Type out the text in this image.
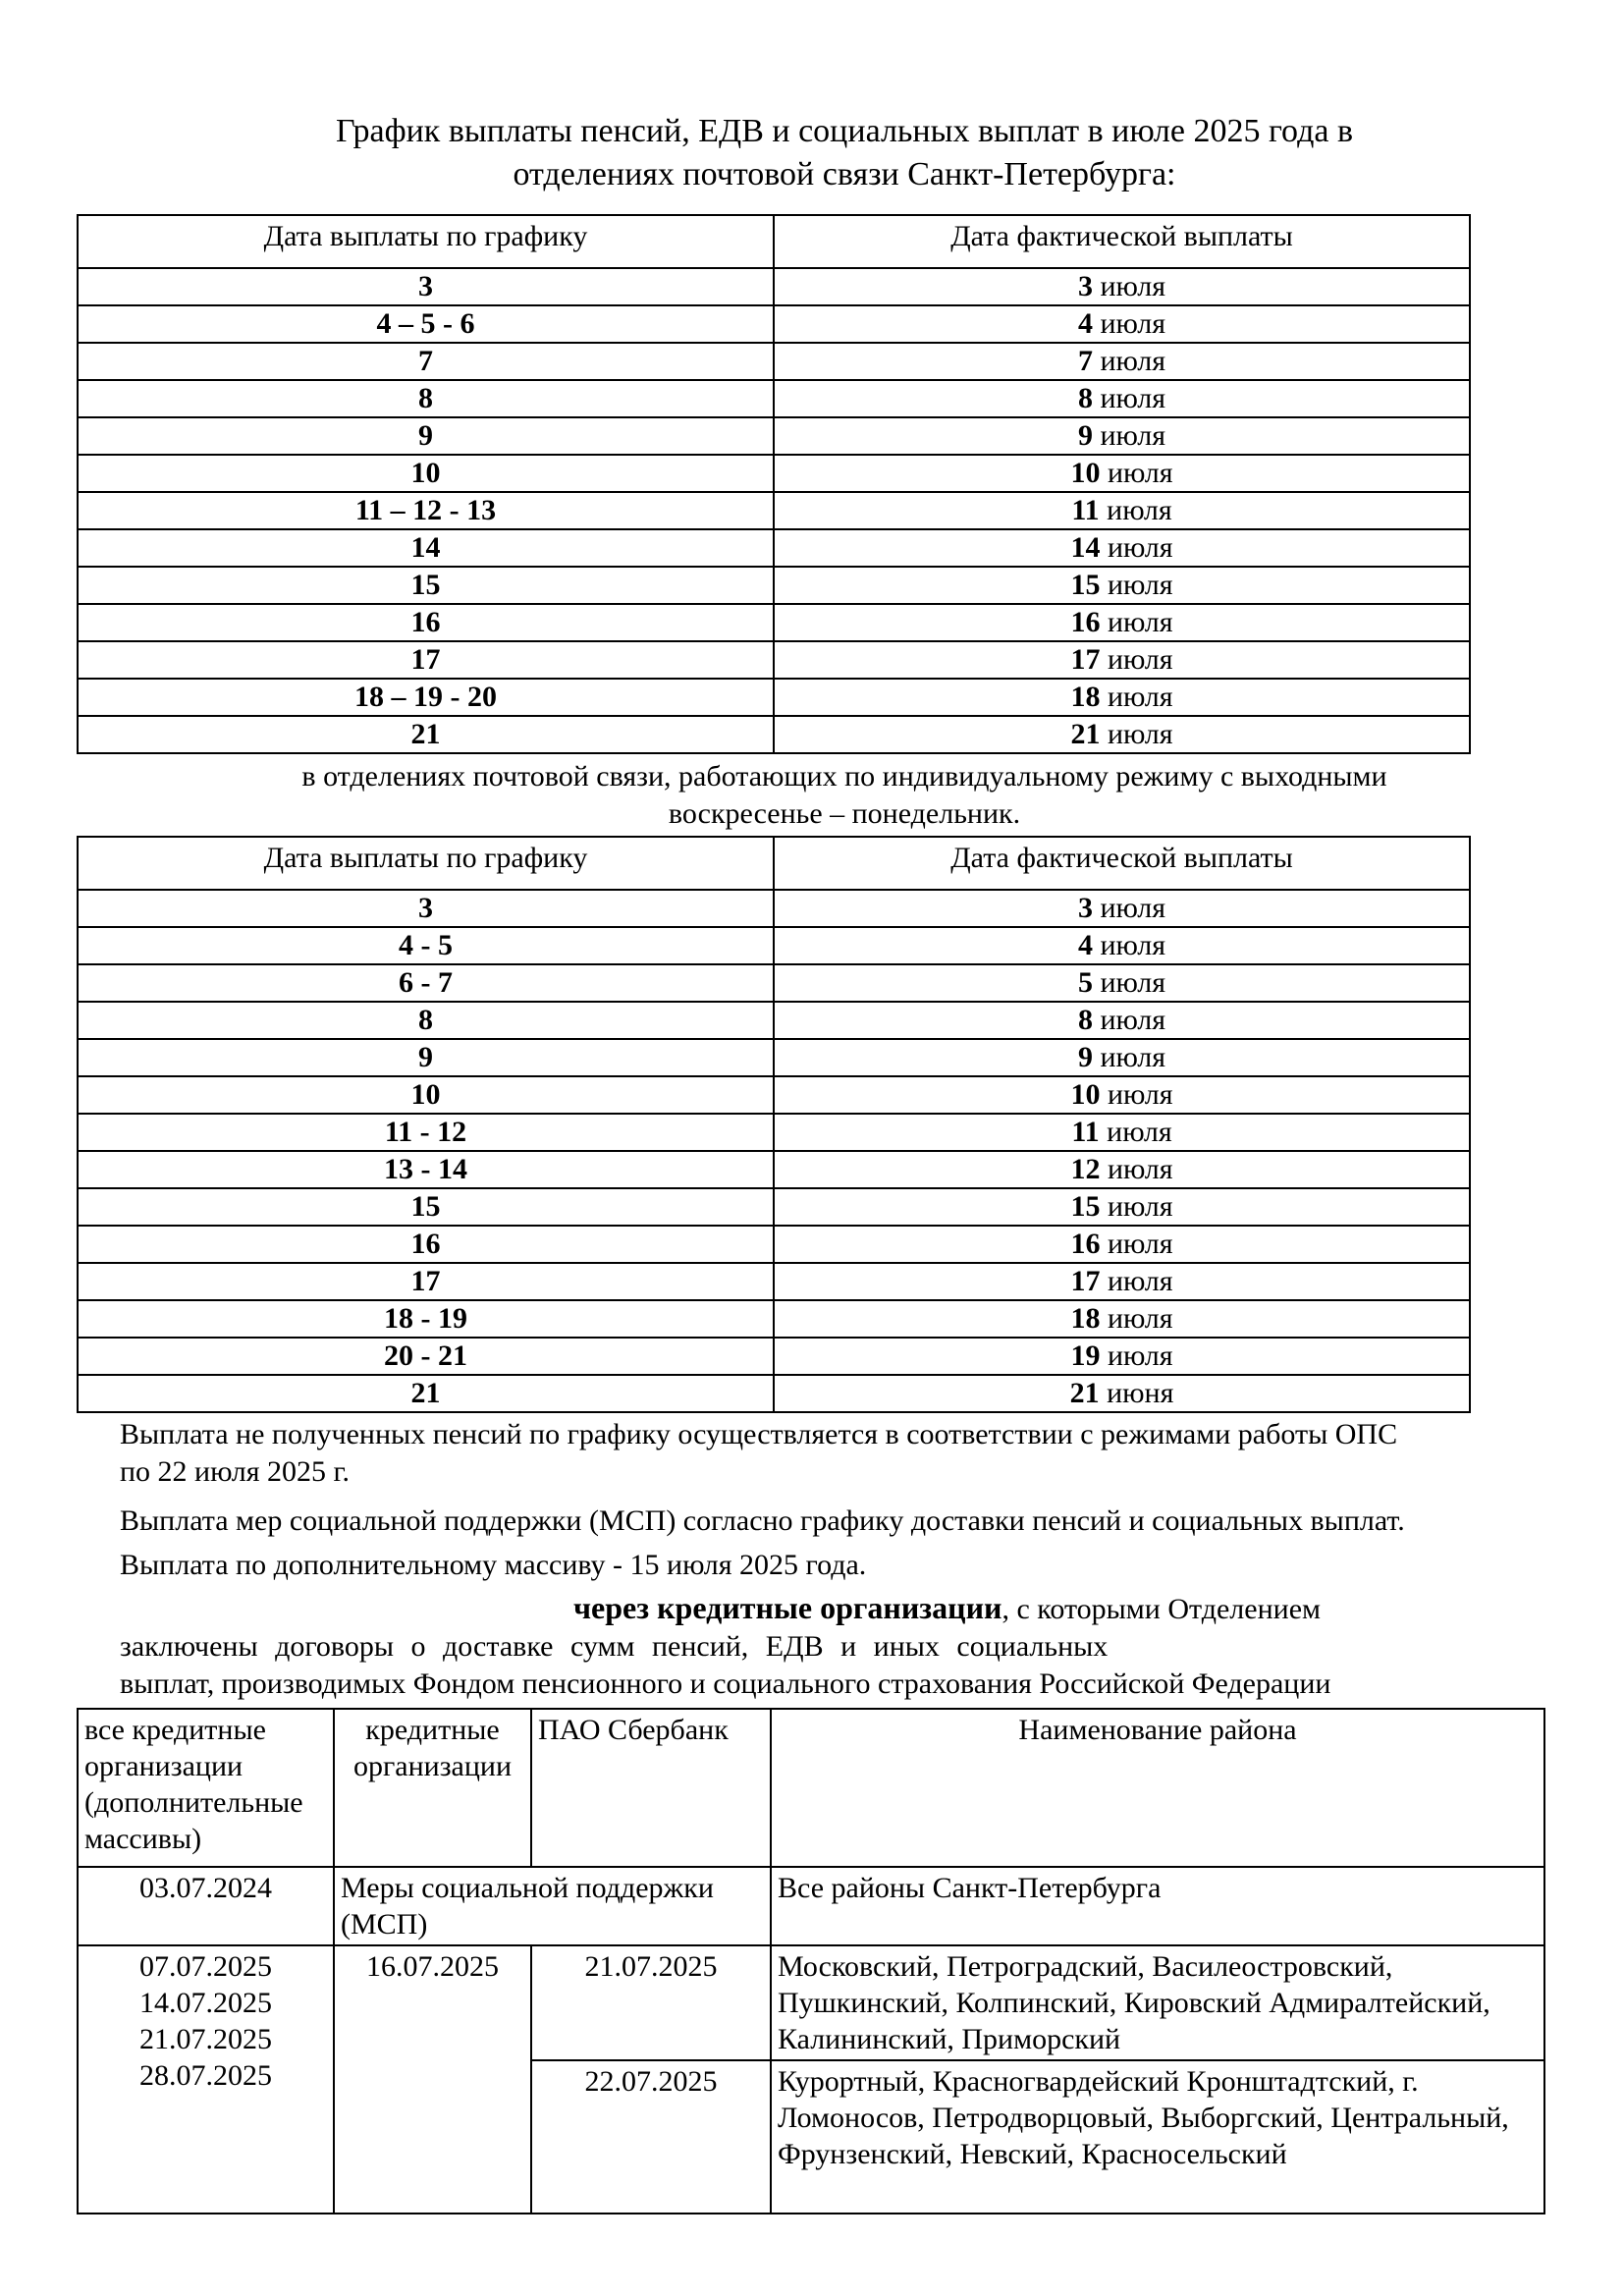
График выплаты пенсий, ЕДВ и социальных выплат в июле 2025 года в
отделениях почтовой связи Санкт-Петербурга:
Дата выплаты по графику	Дата фактической выплаты
3	3 июля
4 – 5 - 6	4 июля
7	7 июля
8	8 июля
9	9 июля
10	10 июля
11 – 12 - 13	11 июля
14	14 июля
15	15 июля
16	16 июля
17	17 июля
18 – 19 - 20	18 июля
21	21 июля
в отделениях почтовой связи, работающих по индивидуальному режиму с выходными
воскресенье – понедельник.
Дата выплаты по графику	Дата фактической выплаты
3	3 июля
4 - 5	4 июля
6 - 7	5 июля
8	8 июля
9	9 июля
10	10 июля
11 - 12	11 июля
13 - 14	12 июля
15	15 июля
16	16 июля
17	17 июля
18 - 19	18 июля
20 - 21	19 июля
21	21 июня
Выплата не полученных пенсий по графику осуществляется в соответствии с режимами работы ОПС
по 22 июля 2025 г.
Выплата мер социальной поддержки (МСП) согласно графику доставки пенсий и социальных выплат.
Выплата по дополнительному массиву - 15 июля 2025 года.
через кредитные организации, с которыми Отделением
заключены договоры о доставке сумм пенсий, ЕДВ и иных социальных
выплат, производимых Фондом пенсионного и социального страхования Российской Федерации
все кредитные организации (дополнительные массивы)	кредитные организации	ПАО Сбербанк	Наименование района
03.07.2024	Меры социальной поддержки (МСП)		Все районы Санкт-Петербурга

07.07.2025
14.07.2025
21.07.2025
28.07.2025	16.07.2025	21.07.2025	Московский, Петроградский, Василеостровский, Пушкинский, Колпинский, Кировский Адмиралтейский, Калининский, Приморский
		22.07.2025	Курортный, Красногвардейский Кронштадтский, г. Ломоносов, Петродворцовый, Выборгский, Центральный, Фрунзенский, Невский, Красносельский
